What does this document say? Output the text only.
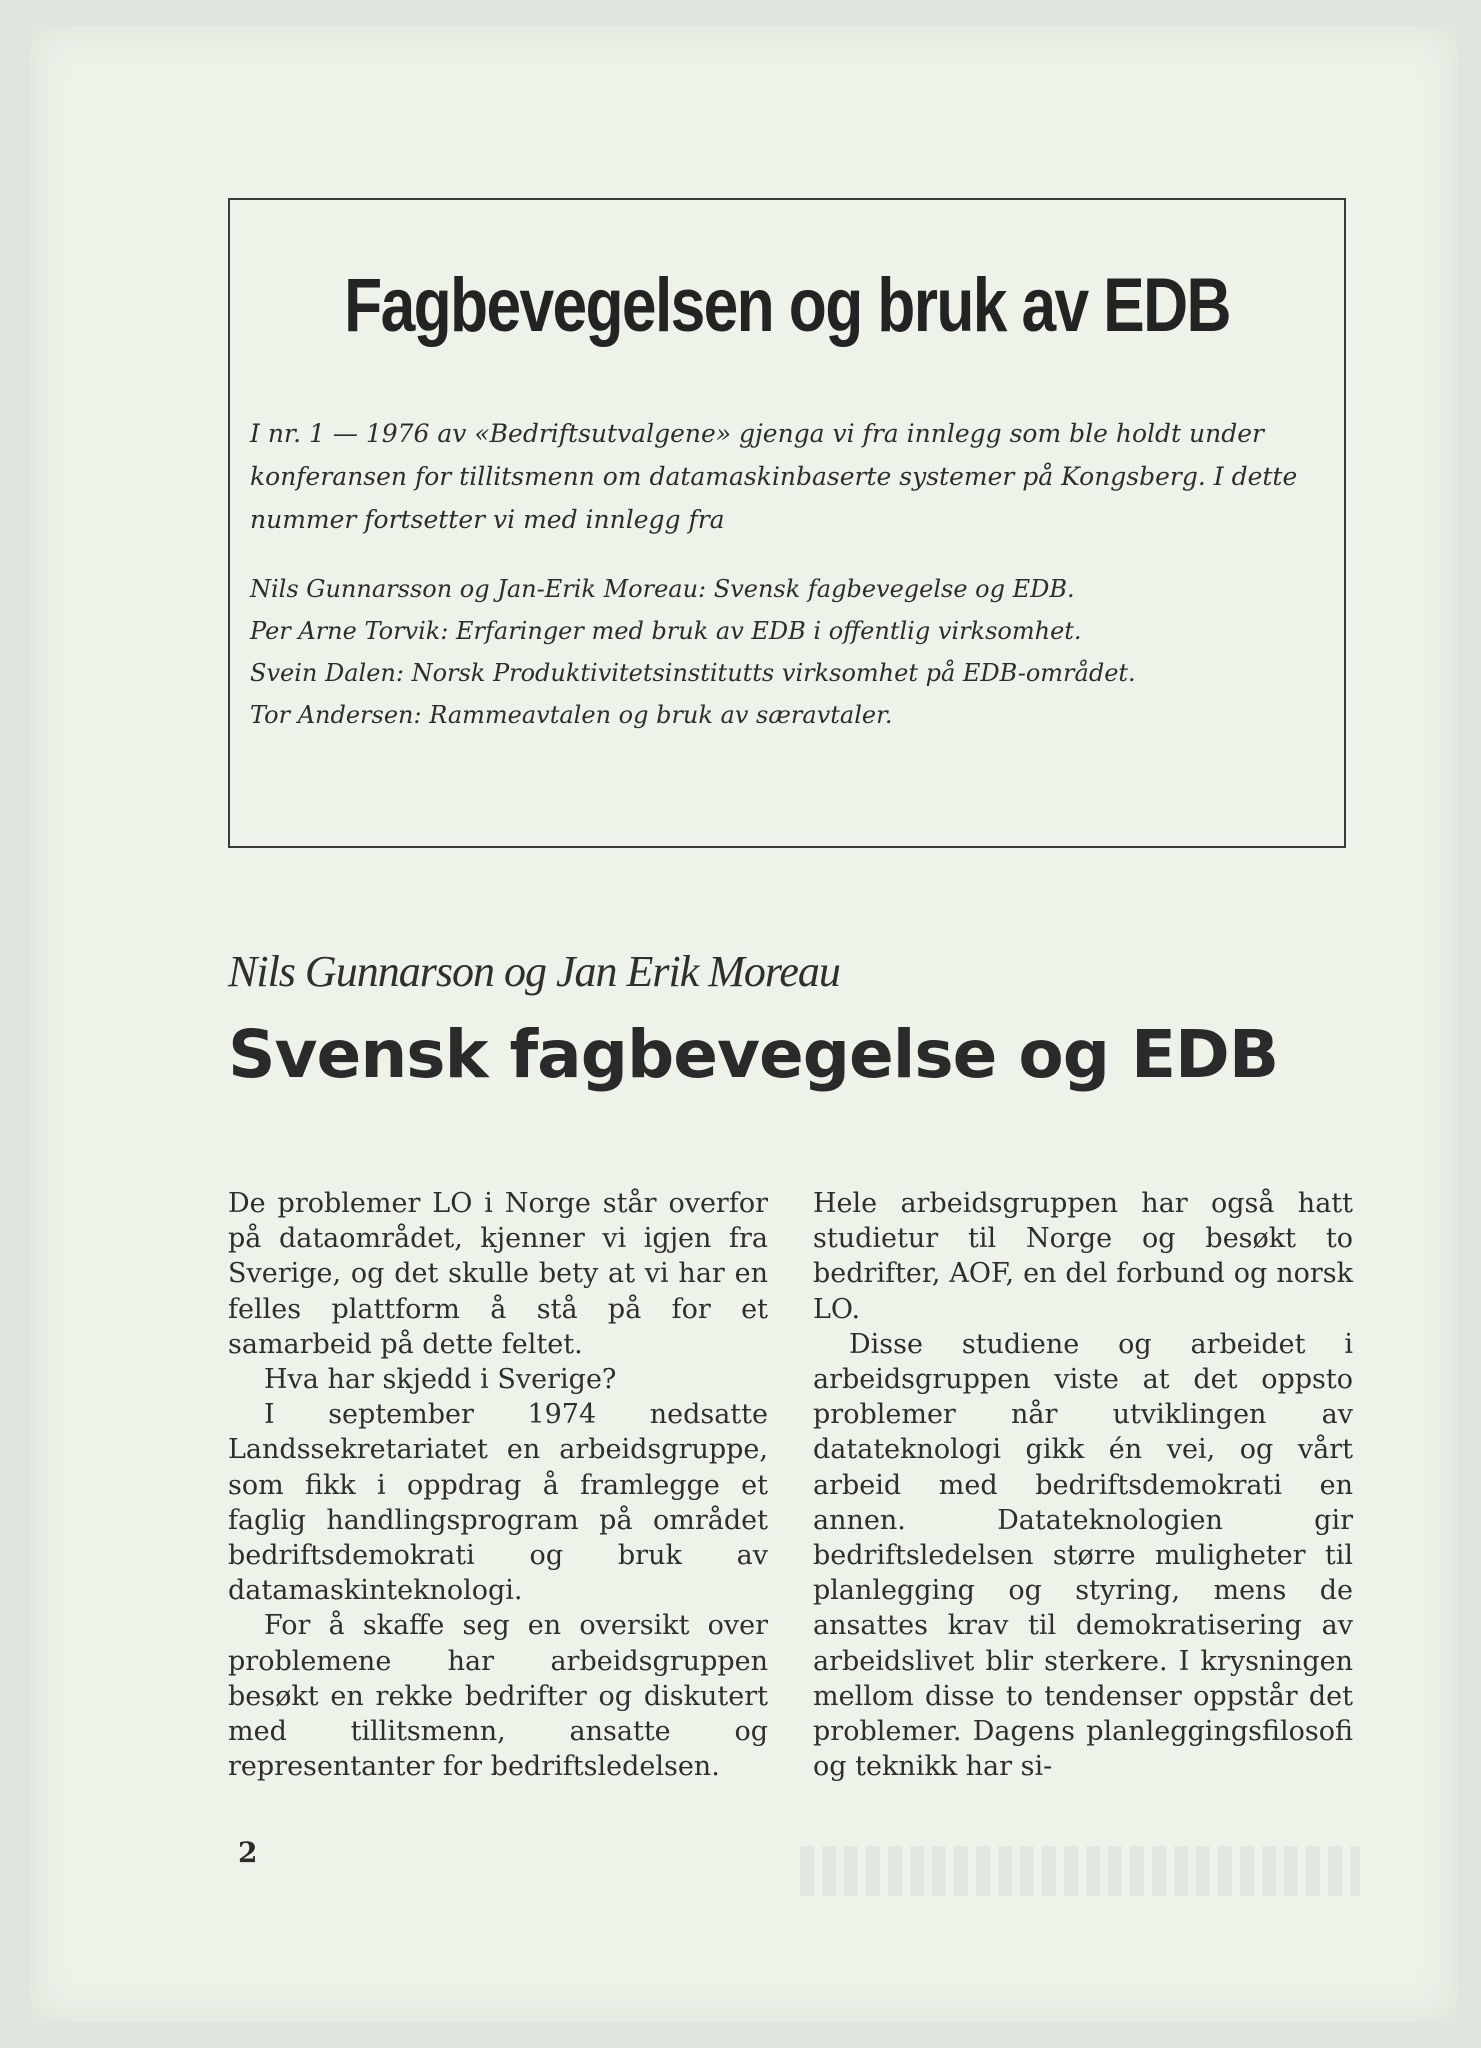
Fagbevegelsen og bruk av EDB

I nr. 1 — 1976 av «Bedriftsutvalgene» gjenga vi fra innlegg som ble holdt under konferansen for tillitsmenn om datamaskinbaserte systemer på Kongsberg. I dette nummer fortsetter vi med innlegg fra

Nils Gunnarsson og Jan-Erik Moreau: Svensk fagbevegelse og EDB.
Per Arne Torvik: Erfaringer med bruk av EDB i offentlig virksomhet.
Svein Dalen: Norsk Produktivitetsinstitutts virksomhet på EDB-området.
Tor Andersen: Rammeavtalen og bruk av særavtaler.

Nils Gunnarson og Jan Erik Moreau

Svensk fagbevegelse og EDB

De problemer LO i Norge står overfor på dataområdet, kjenner vi igjen fra Sverige, og det skulle bety at vi har en felles plattform å stå på for et samarbeid på dette feltet.

Hva har skjedd i Sverige?

I september 1974 nedsatte Landssekretariatet en arbeidsgruppe, som fikk i oppdrag å framlegge et faglig handlingsprogram på området bedriftsdemokrati og bruk av datamaskinteknologi.

For å skaffe seg en oversikt over problemene har arbeidsgruppen besøkt en rekke bedrifter og diskutert med tillitsmenn, ansatte og representanter for bedriftsledelsen.

Hele arbeidsgruppen har også hatt studietur til Norge og besøkt to bedrifter, AOF, en del forbund og norsk LO.

Disse studiene og arbeidet i arbeidsgruppen viste at det oppsto problemer når utviklingen av datateknologi gikk én vei, og vårt arbeid med bedriftsdemokrati en annen. Datateknologien gir bedriftsledelsen større muligheter til planlegging og styring, mens de ansattes krav til demokratisering av arbeidslivet blir sterkere. I krysningen mellom disse to tendenser oppstår det problemer. Dagens planleggingsfilosofi og teknikk har si-

2
